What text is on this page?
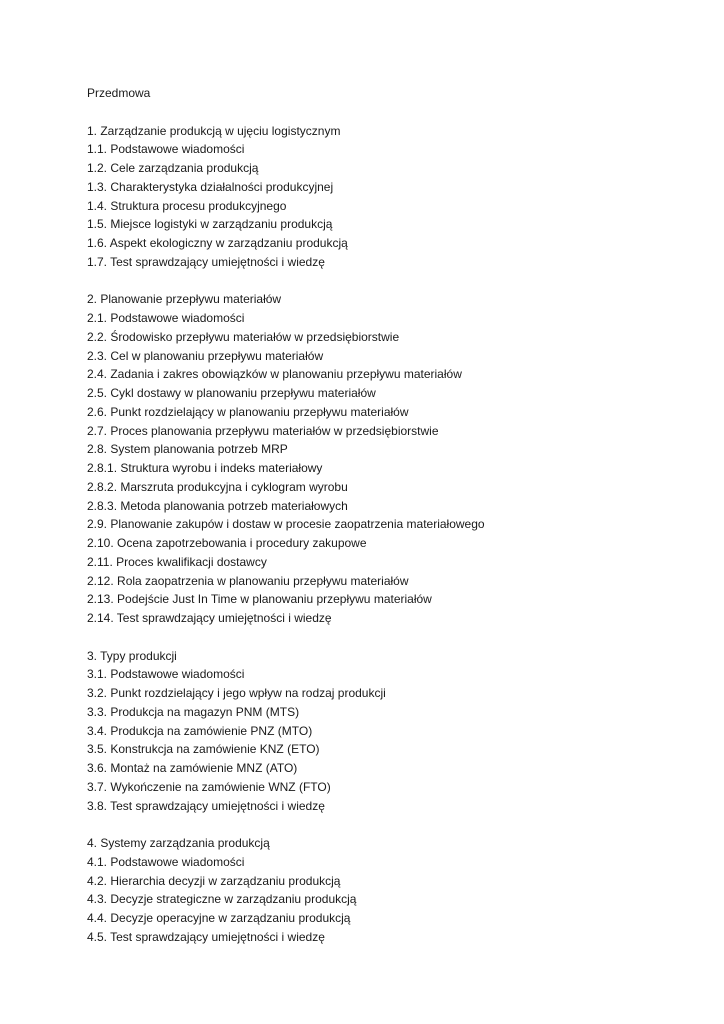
Przedmowa
1. Zarządzanie produkcją w ujęciu logistycznym
1.1. Podstawowe wiadomości
1.2. Cele zarządzania produkcją
1.3. Charakterystyka działalności produkcyjnej
1.4. Struktura procesu produkcyjnego
1.5. Miejsce logistyki w zarządzaniu produkcją
1.6. Aspekt ekologiczny w zarządzaniu produkcją
1.7. Test sprawdzający umiejętności i wiedzę
2. Planowanie przepływu materiałów
2.1. Podstawowe wiadomości
2.2. Środowisko przepływu materiałów w przedsiębiorstwie
2.3. Cel w planowaniu przepływu materiałów
2.4. Zadania i zakres obowiązków w planowaniu przepływu materiałów
2.5. Cykl dostawy w planowaniu przepływu materiałów
2.6. Punkt rozdzielający w planowaniu przepływu materiałów
2.7. Proces planowania przepływu materiałów w przedsiębiorstwie
2.8. System planowania potrzeb MRP
2.8.1. Struktura wyrobu i indeks materiałowy
2.8.2. Marszruta produkcyjna i cyklogram wyrobu
2.8.3. Metoda planowania potrzeb materiałowych
2.9. Planowanie zakupów i dostaw w procesie zaopatrzenia materiałowego
2.10. Ocena zapotrzebowania i procedury zakupowe
2.11. Proces kwalifikacji dostawcy
2.12. Rola zaopatrzenia w planowaniu przepływu materiałów
2.13. Podejście Just In Time w planowaniu przepływu materiałów
2.14. Test sprawdzający umiejętności i wiedzę
3. Typy produkcji
3.1. Podstawowe wiadomości
3.2. Punkt rozdzielający i jego wpływ na rodzaj produkcji
3.3. Produkcja na magazyn PNM (MTS)
3.4. Produkcja na zamówienie PNZ (MTO)
3.5. Konstrukcja na zamówienie KNZ (ETO)
3.6. Montaż na zamówienie MNZ (ATO)
3.7. Wykończenie na zamówienie WNZ (FTO)
3.8. Test sprawdzający umiejętności i wiedzę
4. Systemy zarządzania produkcją
4.1. Podstawowe wiadomości
4.2. Hierarchia decyzji w zarządzaniu produkcją
4.3. Decyzje strategiczne w zarządzaniu produkcją
4.4. Decyzje operacyjne w zarządzaniu produkcją
4.5. Test sprawdzający umiejętności i wiedzę
